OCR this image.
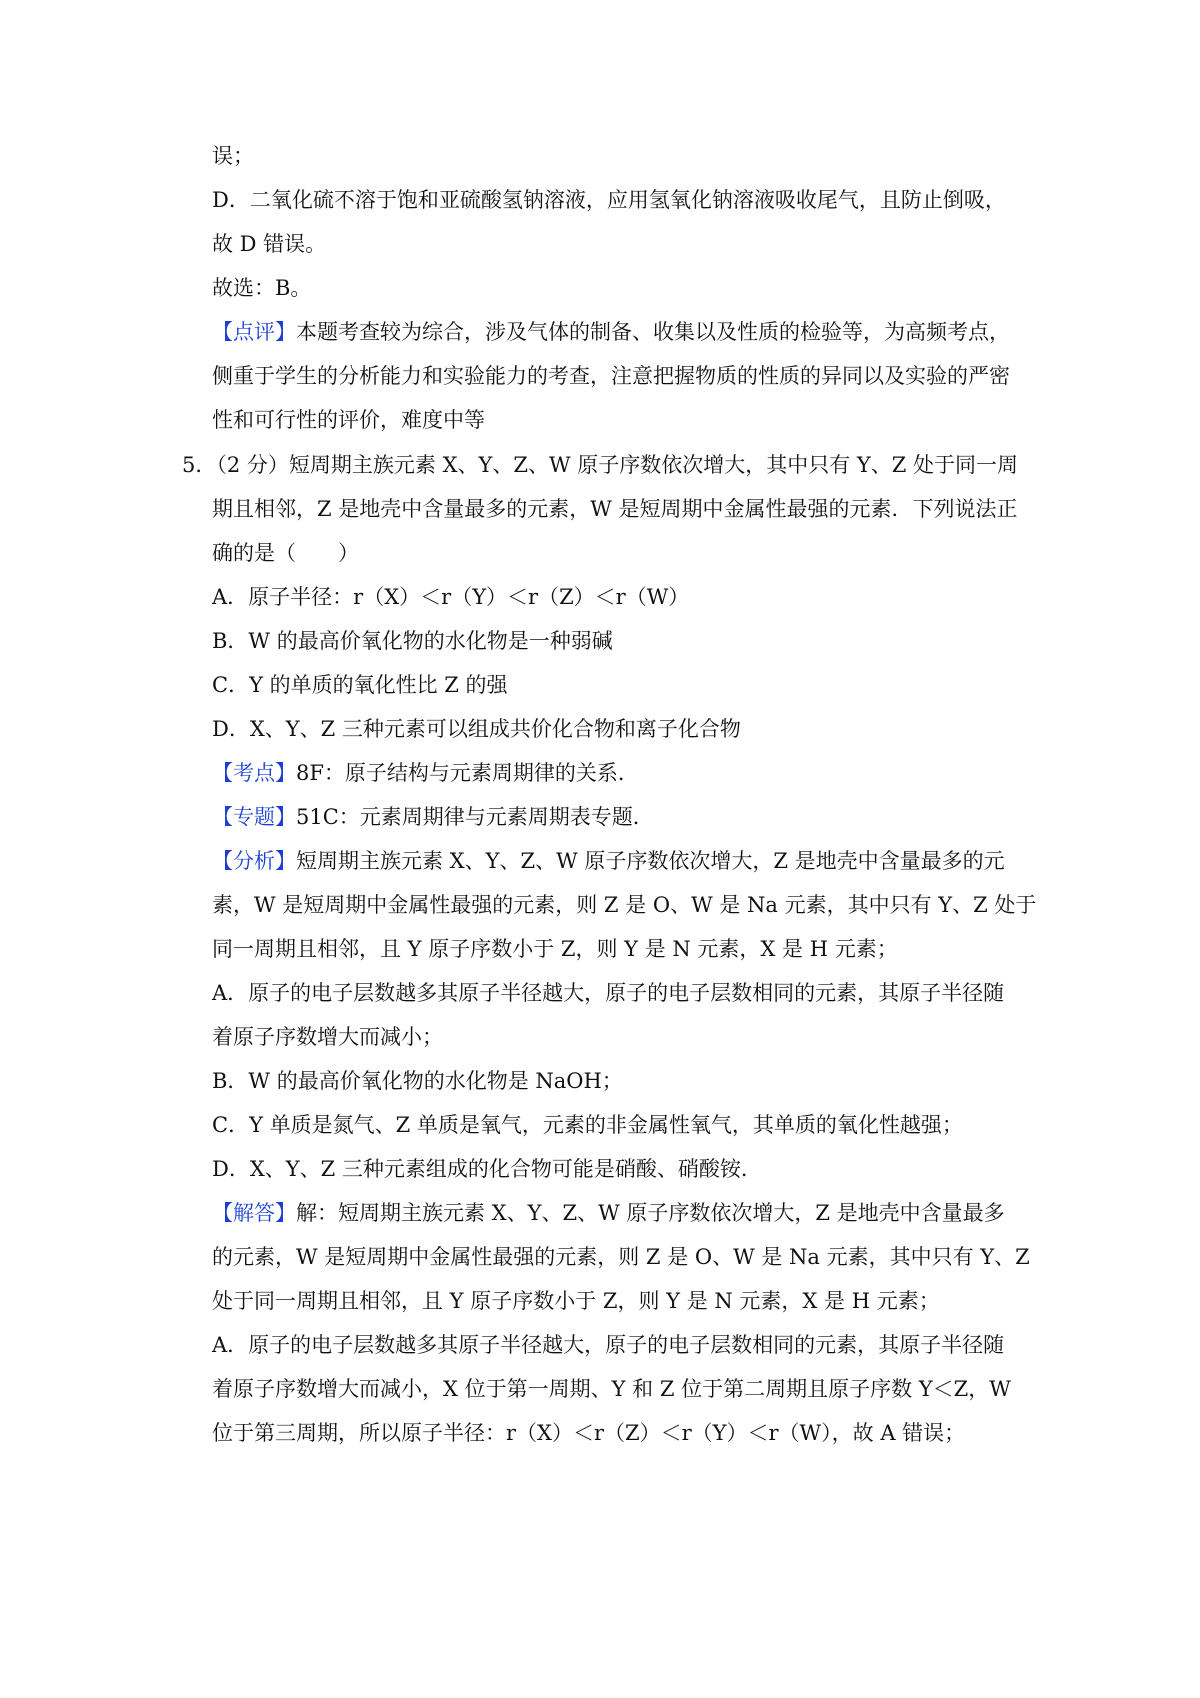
误；
D．二氧化硫不溶于饱和亚硫酸氢钠溶液，应用氢氧化钠溶液吸收尾气，且防止倒吸，
故 D 错误。
故选：B。
【点评】本题考查较为综合，涉及气体的制备、收集以及性质的检验等，为高频考点，
侧重于学生的分析能力和实验能力的考查，注意把握物质的性质的异同以及实验的严密
性和可行性的评价，难度中等
5．（2 分）短周期主族元素 X、Y、Z、W 原子序数依次增大，其中只有 Y、Z 处于同一周
期且相邻，Z 是地壳中含量最多的元素，W 是短周期中金属性最强的元素．下列说法正
确的是（　　）
A．原子半径：r（X）＜r（Y）＜r（Z）＜r（W）
B．W 的最高价氧化物的水化物是一种弱碱
C．Y 的单质的氧化性比 Z 的强
D．X、Y、Z 三种元素可以组成共价化合物和离子化合物
【考点】8F：原子结构与元素周期律的关系．
【专题】51C：元素周期律与元素周期表专题．
【分析】短周期主族元素 X、Y、Z、W 原子序数依次增大，Z 是地壳中含量最多的元
素，W 是短周期中金属性最强的元素，则 Z 是 O、W 是 Na 元素，其中只有 Y、Z 处于
同一周期且相邻，且 Y 原子序数小于 Z，则 Y 是 N 元素，X 是 H 元素；
A．原子的电子层数越多其原子半径越大，原子的电子层数相同的元素，其原子半径随
着原子序数增大而减小；
B．W 的最高价氧化物的水化物是 NaOH；
C．Y 单质是氮气、Z 单质是氧气，元素的非金属性氧气，其单质的氧化性越强；
D．X、Y、Z 三种元素组成的化合物可能是硝酸、硝酸铵．
【解答】解：短周期主族元素 X、Y、Z、W 原子序数依次增大，Z 是地壳中含量最多
的元素，W 是短周期中金属性最强的元素，则 Z 是 O、W 是 Na 元素，其中只有 Y、Z
处于同一周期且相邻，且 Y 原子序数小于 Z，则 Y 是 N 元素，X 是 H 元素；
A．原子的电子层数越多其原子半径越大，原子的电子层数相同的元素，其原子半径随
着原子序数增大而减小，X 位于第一周期、Y 和 Z 位于第二周期且原子序数 Y＜Z，W
位于第三周期，所以原子半径：r（X）＜r（Z）＜r（Y）＜r（W），故 A 错误；
